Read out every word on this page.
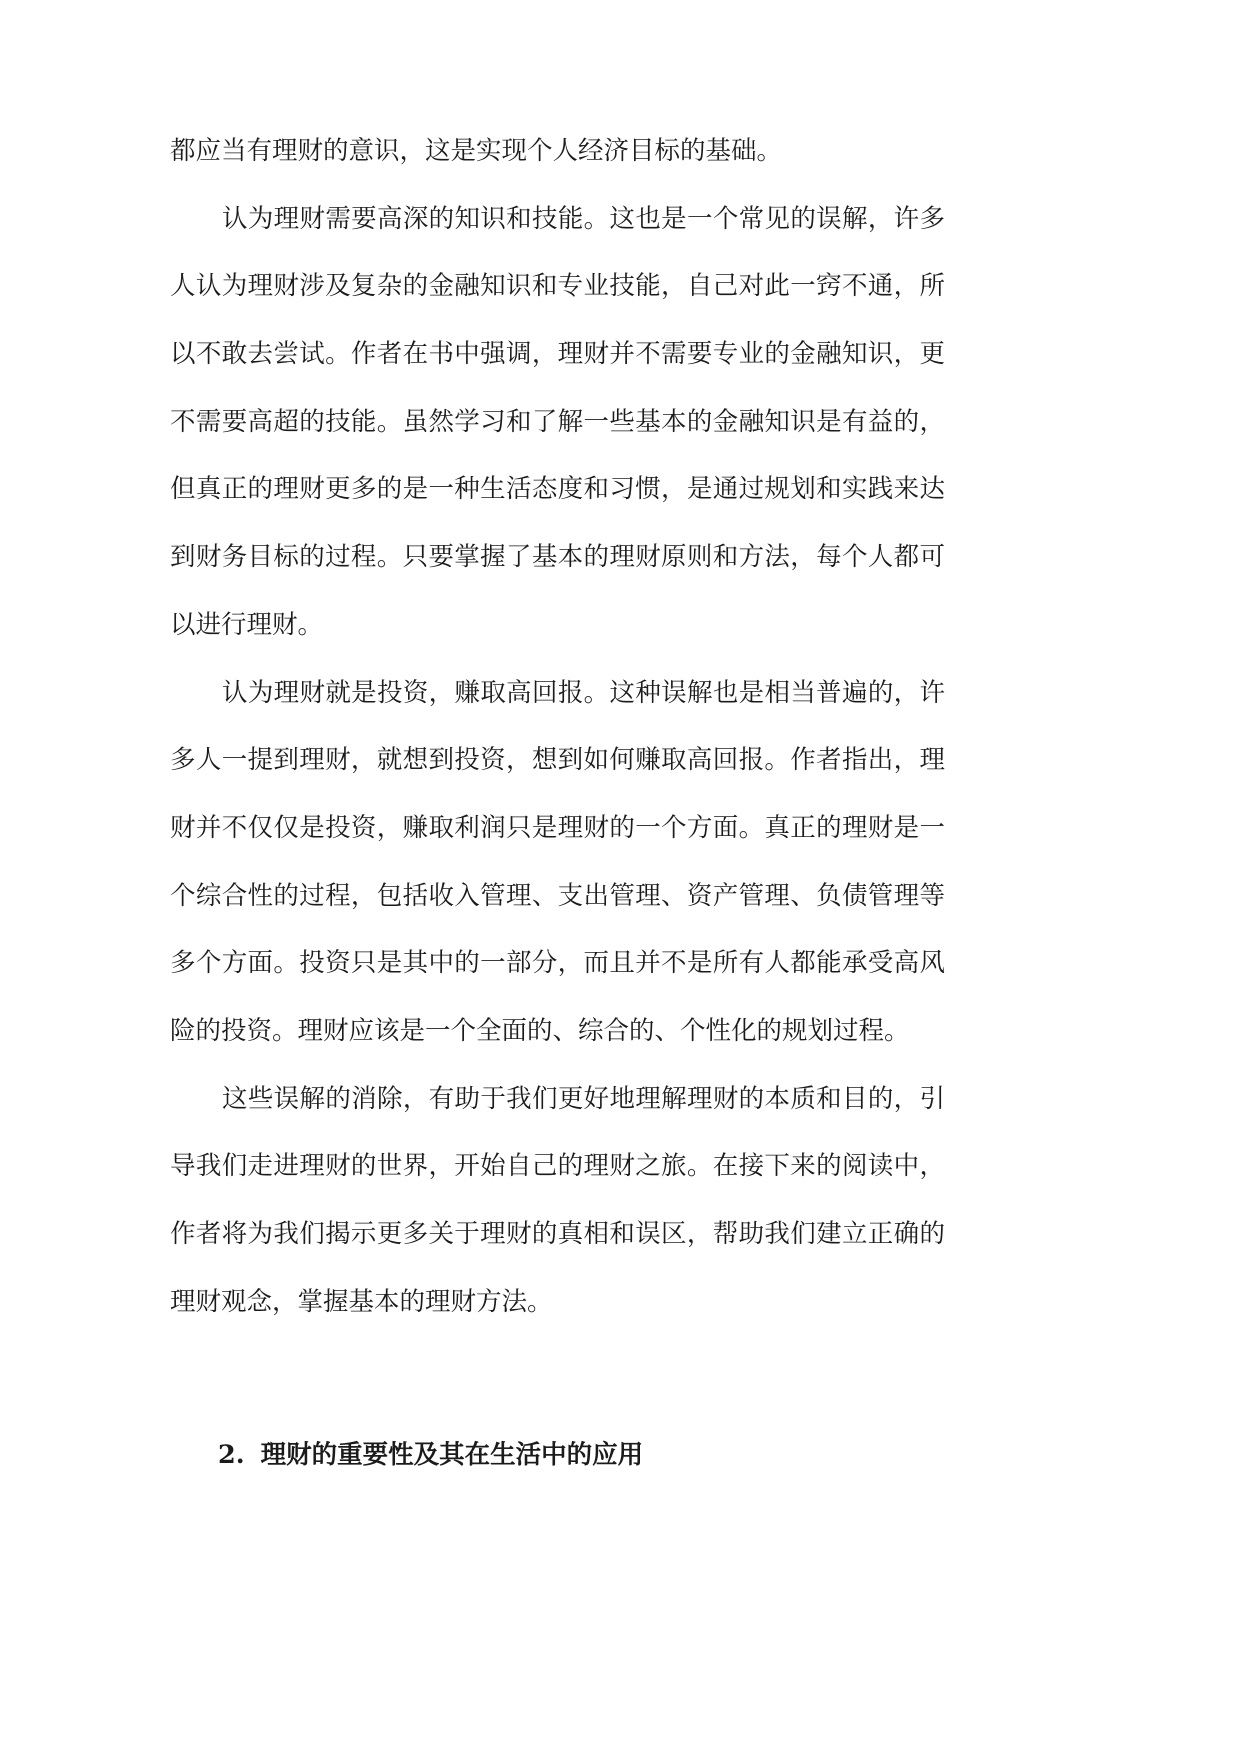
都应当有理财的意识，这是实现个人经济目标的基础。
认为理财需要高深的知识和技能。这也是一个常见的误解，许多
人认为理财涉及复杂的金融知识和专业技能，自己对此一窍不通，所
以不敢去尝试。作者在书中强调，理财并不需要专业的金融知识，更
不需要高超的技能。虽然学习和了解一些基本的金融知识是有益的，
但真正的理财更多的是一种生活态度和习惯，是通过规划和实践来达
到财务目标的过程。只要掌握了基本的理财原则和方法，每个人都可
以进行理财。
认为理财就是投资，赚取高回报。这种误解也是相当普遍的，许
多人一提到理财，就想到投资，想到如何赚取高回报。作者指出，理
财并不仅仅是投资，赚取利润只是理财的一个方面。真正的理财是一
个综合性的过程，包括收入管理、支出管理、资产管理、负债管理等
多个方面。投资只是其中的一部分，而且并不是所有人都能承受高风
险的投资。理财应该是一个全面的、综合的、个性化的规划过程。
这些误解的消除，有助于我们更好地理解理财的本质和目的，引
导我们走进理财的世界，开始自己的理财之旅。在接下来的阅读中，
作者将为我们揭示更多关于理财的真相和误区，帮助我们建立正确的
理财观念，掌握基本的理财方法。
2. 理财的重要性及其在生活中的应用
